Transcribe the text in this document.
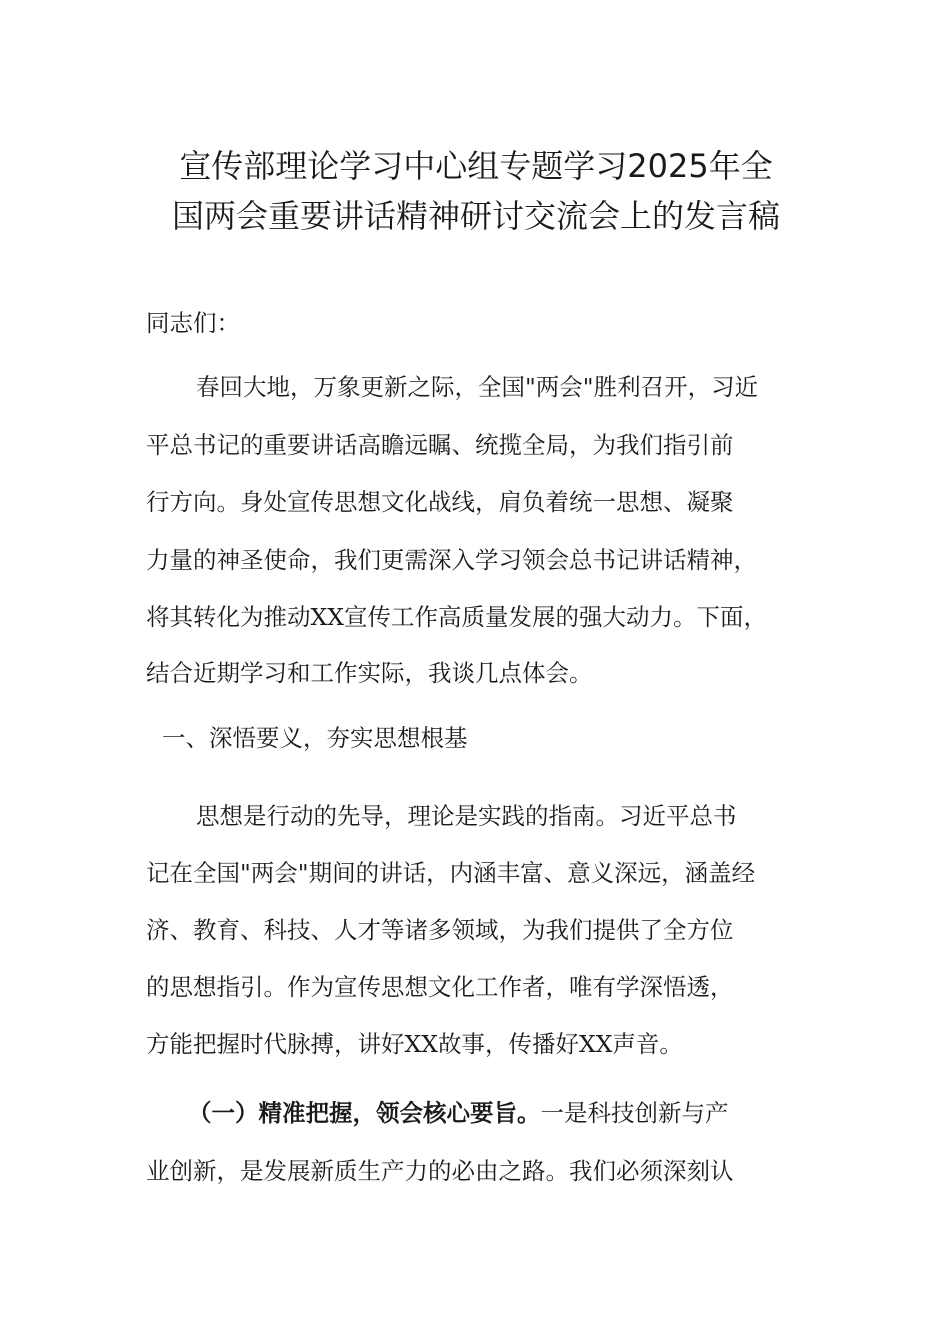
宣传部理论学习中心组专题学习2025年全
国两会重要讲话精神研讨交流会上的发言稿
同志们：
春回大地，万象更新之际，全国"两会"胜利召开，习近
平总书记的重要讲话高瞻远瞩、统揽全局，为我们指引前
行方向。身处宣传思想文化战线，肩负着统一思想、凝聚
力量的神圣使命，我们更需深入学习领会总书记讲话精神，
将其转化为推动XX宣传工作高质量发展的强大动力。下面，
结合近期学习和工作实际，我谈几点体会。
一、深悟要义，夯实思想根基
思想是行动的先导，理论是实践的指南。习近平总书
记在全国"两会"期间的讲话，内涵丰富、意义深远，涵盖经
济、教育、科技、人才等诸多领域，为我们提供了全方位
的思想指引。作为宣传思想文化工作者，唯有学深悟透，
方能把握时代脉搏，讲好XX故事，传播好XX声音。
（一）精准把握，领会核心要旨。一是科技创新与产
业创新，是发展新质生产力的必由之路。我们必须深刻认
